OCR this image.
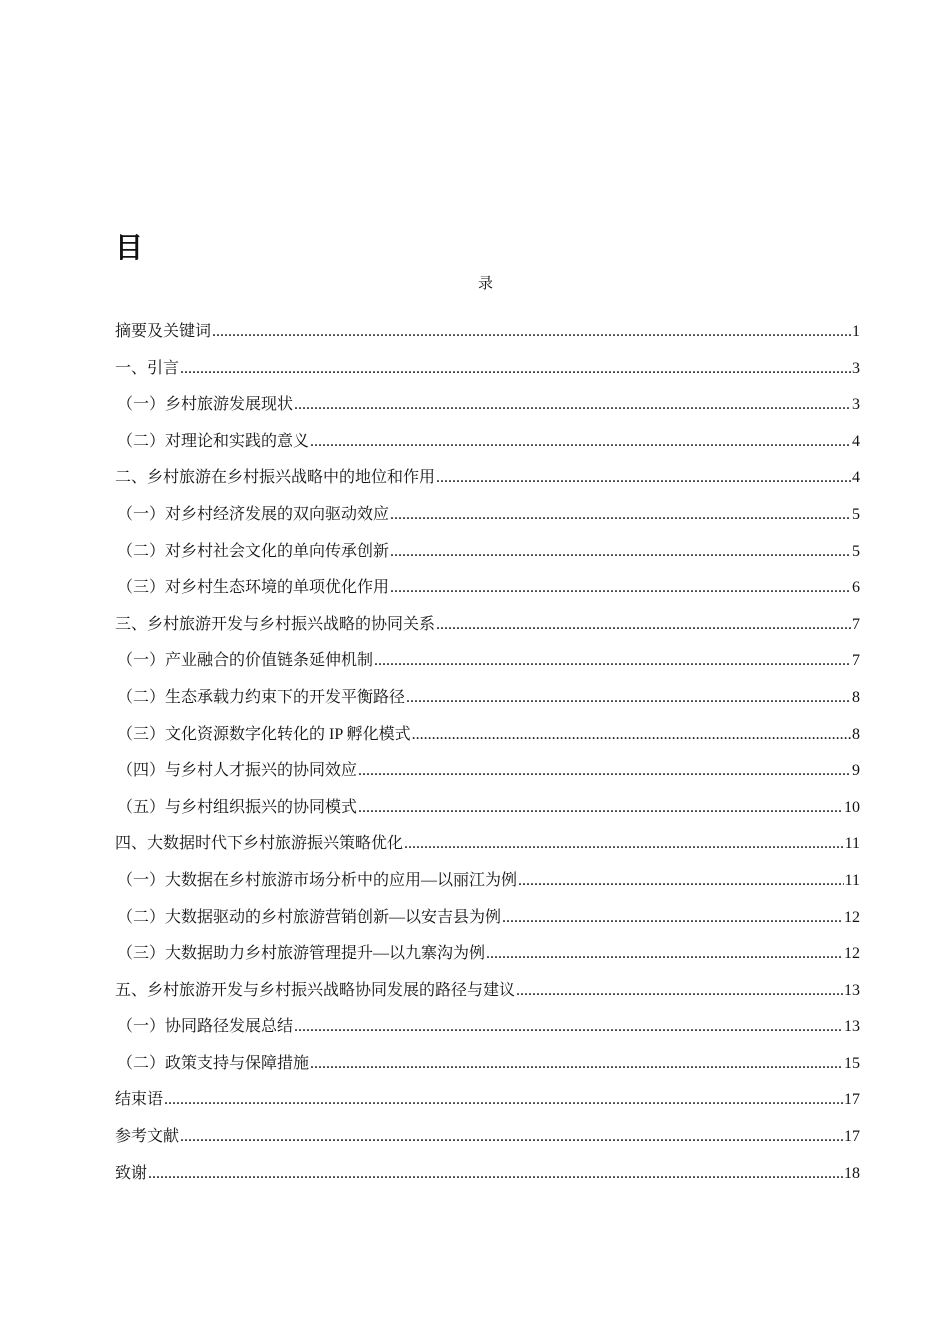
目
录
摘要及关键词 .....	1
一、引言 .....	3
（一）乡村旅游发展现状 .....	3
（二）对理论和实践的意义 .....	4
二、乡村旅游在乡村振兴战略中的地位和作用 .....	4
（一）对乡村经济发展的双向驱动效应 .....	5
（二）对乡村社会文化的单向传承创新 .....	5
（三）对乡村生态环境的单项优化作用 .....	6
三、乡村旅游开发与乡村振兴战略的协同关系 .....	7
（一）产业融合的价值链条延伸机制 .....	7
（二）生态承载力约束下的开发平衡路径 .....	8
（三）文化资源数字化转化的 IP 孵化模式 .....	8
（四）与乡村人才振兴的协同效应 .....	9
（五）与乡村组织振兴的协同模式 .....	10
四、大数据时代下乡村旅游振兴策略优化 .....	11
（一）大数据在乡村旅游市场分析中的应用—以丽江为例 .....	11
（二）大数据驱动的乡村旅游营销创新—以安吉县为例 .....	12
（三）大数据助力乡村旅游管理提升—以九寨沟为例 .....	12
五、乡村旅游开发与乡村振兴战略协同发展的路径与建议 .....	13
（一）协同路径发展总结 .....	13
（二）政策支持与保障措施 .....	15
结束语 .....	17
参考文献 .....	17
致谢 .....	18
